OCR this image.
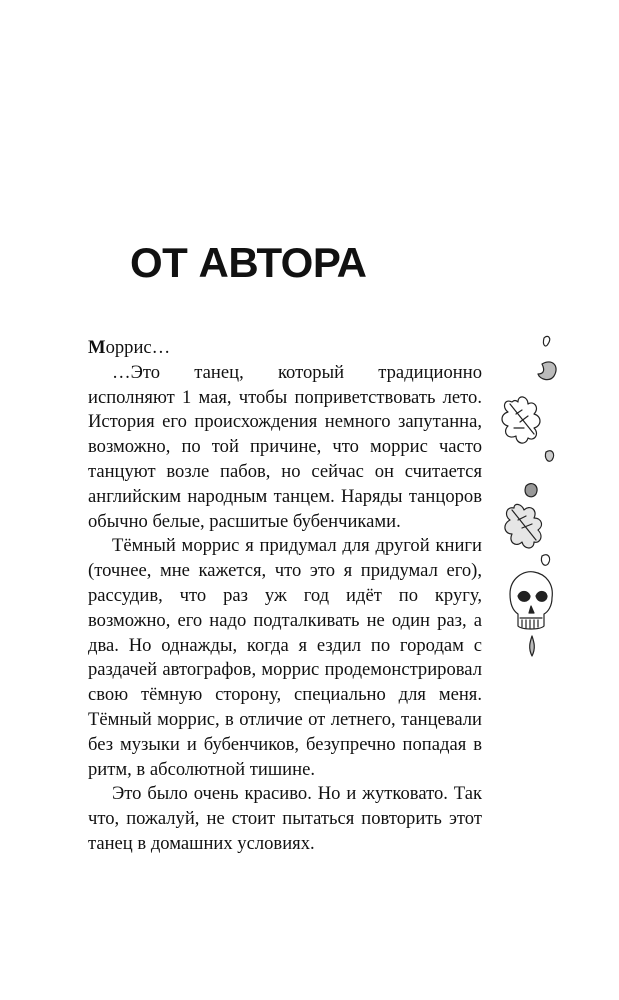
ОТ АВТОРА

Моррис…

…Это танец, который традиционно исполняют 1 мая, чтобы поприветствовать лето. История его происхождения немного запутанна, возможно, по той причине, что моррис часто танцуют возле пабов, но сейчас он считается английским народным танцем. Наряды танцоров обычно белые, расшитые бубенчиками.

Тёмный моррис я придумал для другой книги (точнее, мне кажется, что это я придумал его), рассудив, что раз уж год идёт по кругу, возможно, его надо подталкивать не один раз, а два. Но однажды, когда я ездил по городам с раздачей автографов, моррис продемонстрировал свою тёмную сторону, специально для меня. Тёмный моррис, в отличие от летнего, танцевали без музыки и бубенчиков, безупречно попадая в ритм, в абсолютной тишине.

Это было очень красиво. Но и жутковато. Так что, пожалуй, не стоит пытаться повторить этот танец в домашних условиях.
